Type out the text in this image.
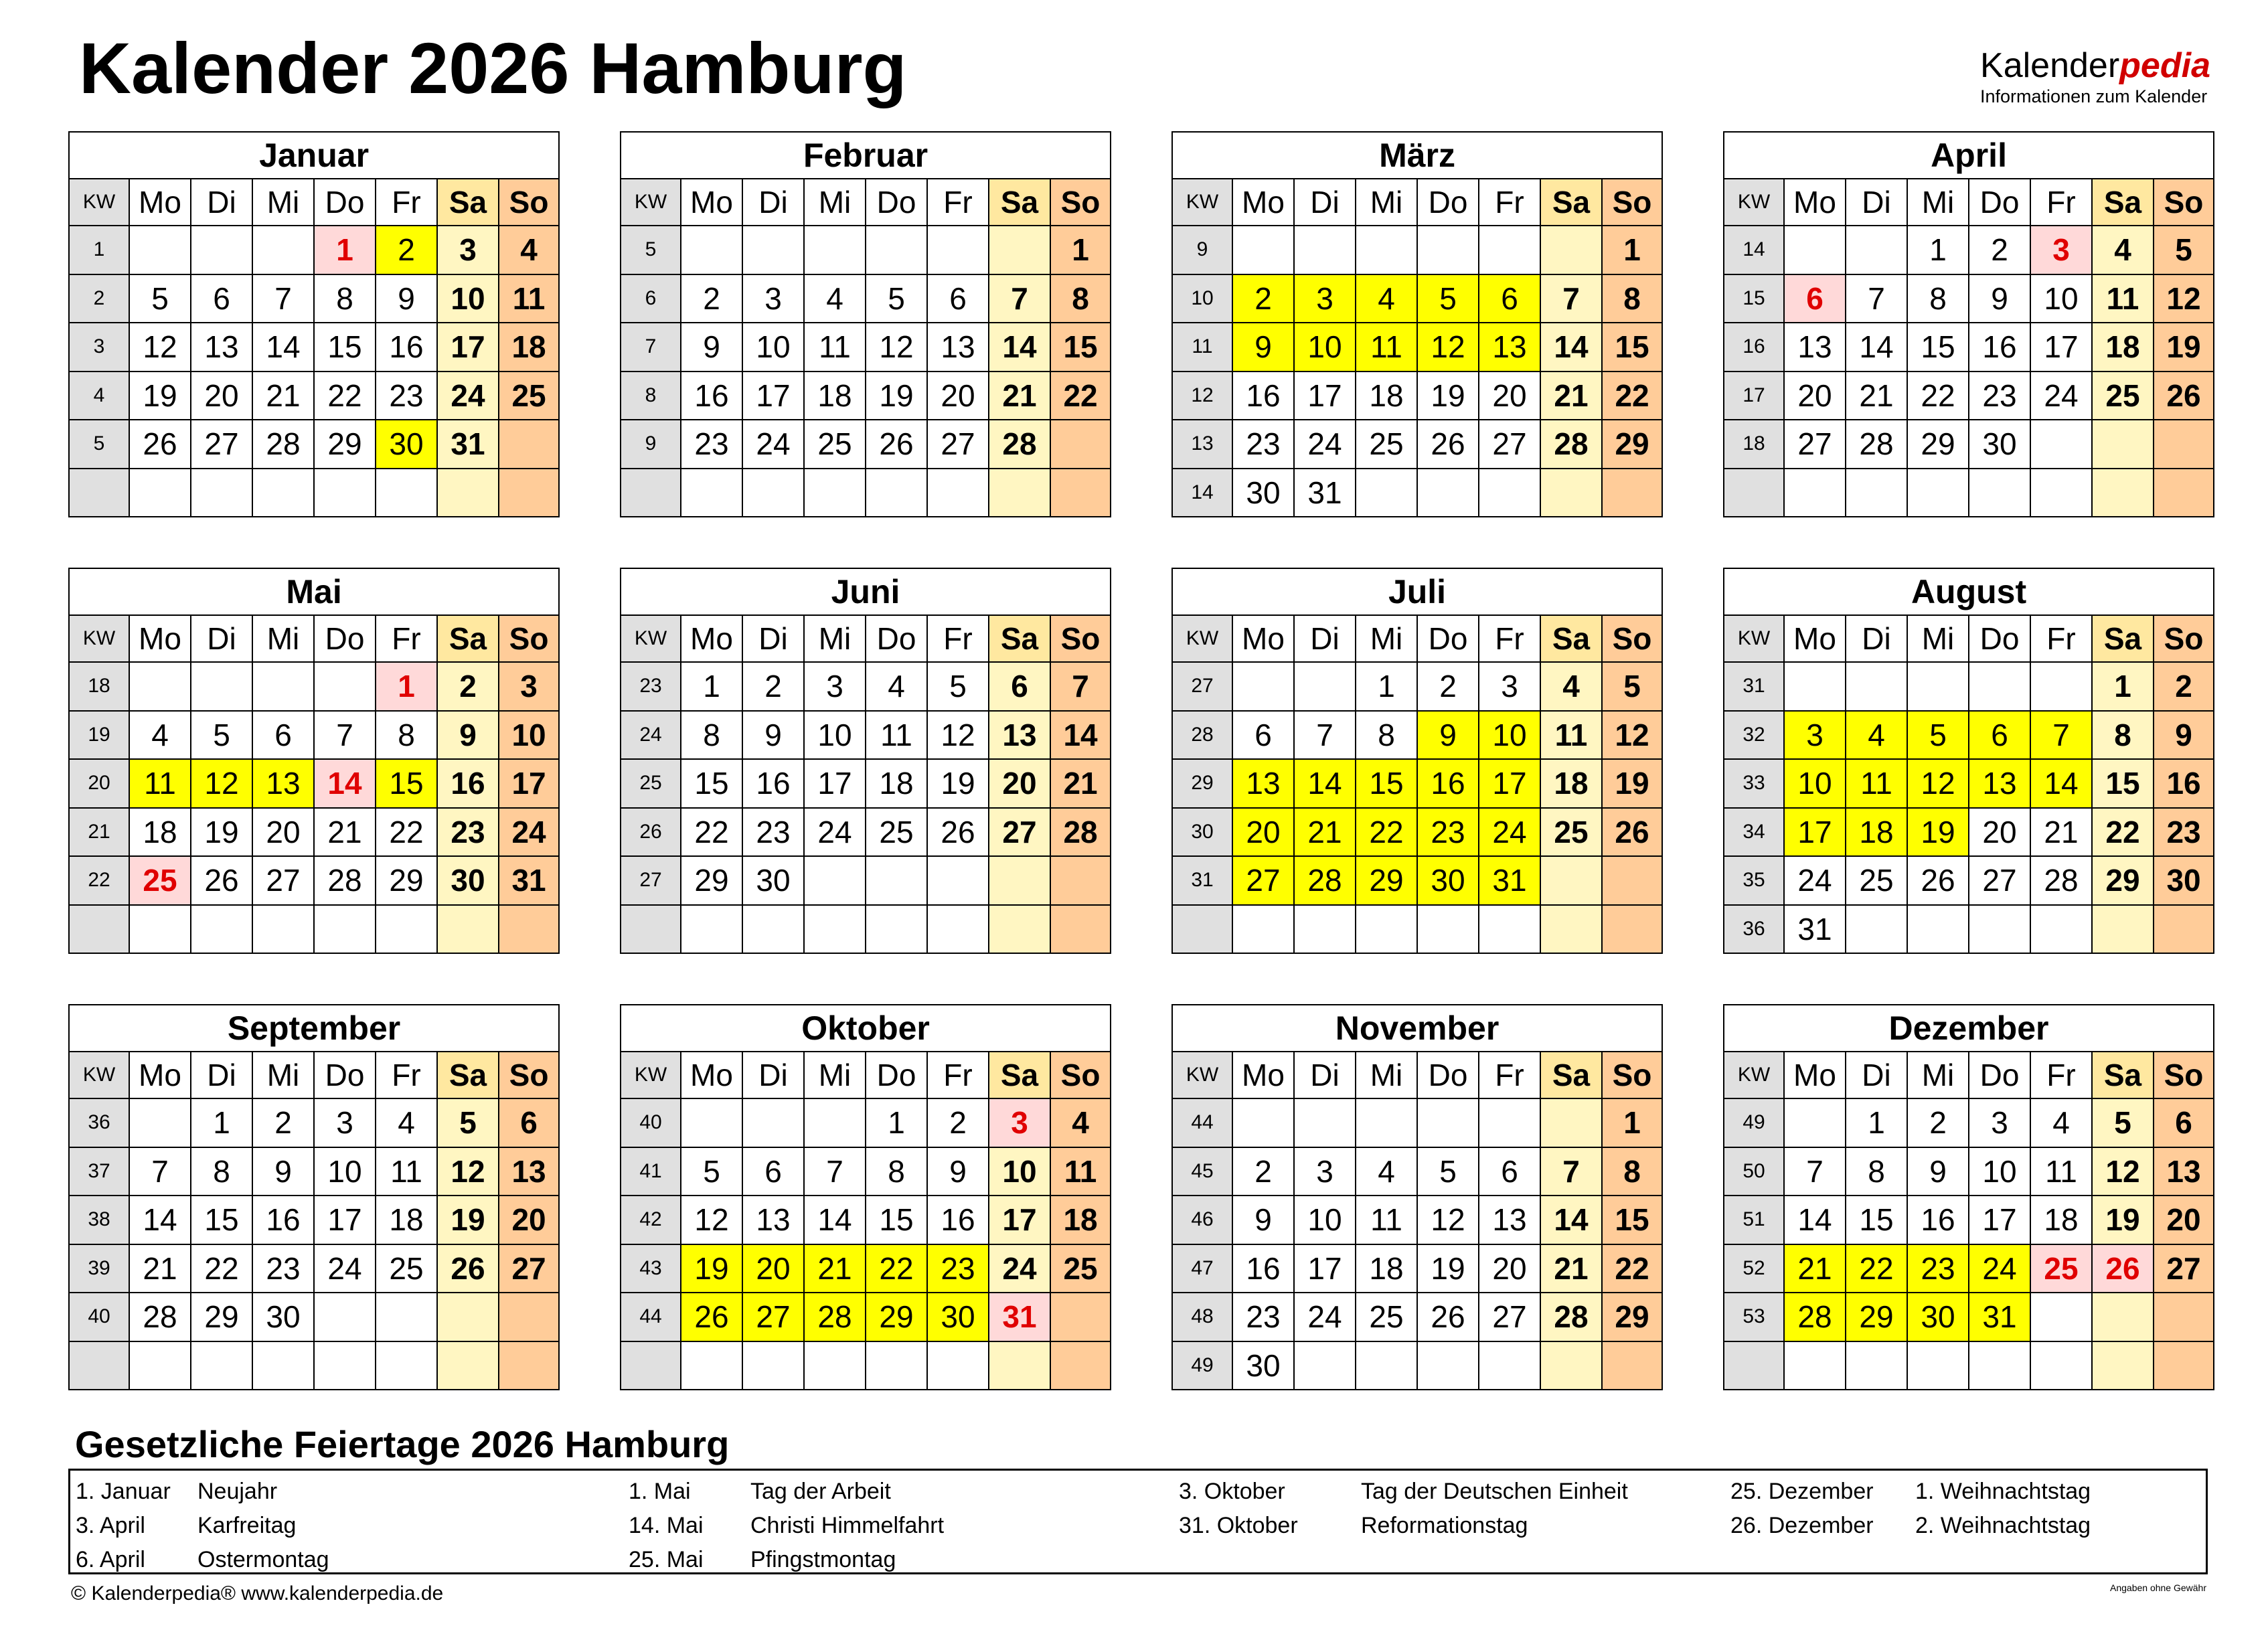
Kalender 2026 Hamburg	Kalenderpedia
Informationen zum Kalender
Januar							
KW	Mo	Di	Mi	Do	Fr	Sa	So
1				1	2	3	4
2	5	6	7	8	9	10	11
3	12	13	14	15	16	17	18
4	19	20	21	22	23	24	25
5	26	27	28	29	30	31	

Februar							
KW	Mo	Di	Mi	Do	Fr	Sa	So
5							1
6	2	3	4	5	6	7	8
7	9	10	11	12	13	14	15
8	16	17	18	19	20	21	22
9	23	24	25	26	27	28	

März							
KW	Mo	Di	Mi	Do	Fr	Sa	So
9							1
10	2	3	4	5	6	7	8
11	9	10	11	12	13	14	15
12	16	17	18	19	20	21	22
13	23	24	25	26	27	28	29
14	30	31					
April							
KW	Mo	Di	Mi	Do	Fr	Sa	So
14			1	2	3	4	5
15	6	7	8	9	10	11	12
16	13	14	15	16	17	18	19
17	20	21	22	23	24	25	26
18	27	28	29	30			

Mai							
KW	Mo	Di	Mi	Do	Fr	Sa	So
18					1	2	3
19	4	5	6	7	8	9	10
20	11	12	13	14	15	16	17
21	18	19	20	21	22	23	24
22	25	26	27	28	29	30	31

Juni							
KW	Mo	Di	Mi	Do	Fr	Sa	So
23	1	2	3	4	5	6	7
24	8	9	10	11	12	13	14
25	15	16	17	18	19	20	21
26	22	23	24	25	26	27	28
27	29	30					

Juli							
KW	Mo	Di	Mi	Do	Fr	Sa	So
27			1	2	3	4	5
28	6	7	8	9	10	11	12
29	13	14	15	16	17	18	19
30	20	21	22	23	24	25	26
31	27	28	29	30	31		

August							
KW	Mo	Di	Mi	Do	Fr	Sa	So
31						1	2
32	3	4	5	6	7	8	9
33	10	11	12	13	14	15	16
34	17	18	19	20	21	22	23
35	24	25	26	27	28	29	30
36	31						
September							
KW	Mo	Di	Mi	Do	Fr	Sa	So
36		1	2	3	4	5	6
37	7	8	9	10	11	12	13
38	14	15	16	17	18	19	20
39	21	22	23	24	25	26	27
40	28	29	30				

Oktober							
KW	Mo	Di	Mi	Do	Fr	Sa	So
40				1	2	3	4
41	5	6	7	8	9	10	11
42	12	13	14	15	16	17	18
43	19	20	21	22	23	24	25
44	26	27	28	29	30	31	

November							
KW	Mo	Di	Mi	Do	Fr	Sa	So
44							1
45	2	3	4	5	6	7	8
46	9	10	11	12	13	14	15
47	16	17	18	19	20	21	22
48	23	24	25	26	27	28	29
49	30						
Dezember							
KW	Mo	Di	Mi	Do	Fr	Sa	So
49		1	2	3	4	5	6
50	7	8	9	10	11	12	13
51	14	15	16	17	18	19	20
52	21	22	23	24	25	26	27
53	28	29	30	31			

Gesetzliche Feiertage 2026 Hamburg
1. Januar Neujahr
3. April Karfreitag
6. April Ostermontag
1. Mai	Tag der Arbeit
14. Mai Christi Himmelfahrt
25. Mai Pfingstmontag
3. Oktober	Tag der Deutschen Einheit
31. Oktober	Reformationstag
25. Dezember 1. Weihnachtstag
26. Dezember 2. Weihnachtstag
© Kalenderpedia® www.kalenderpedia.de	Angaben ohne Gewähr
